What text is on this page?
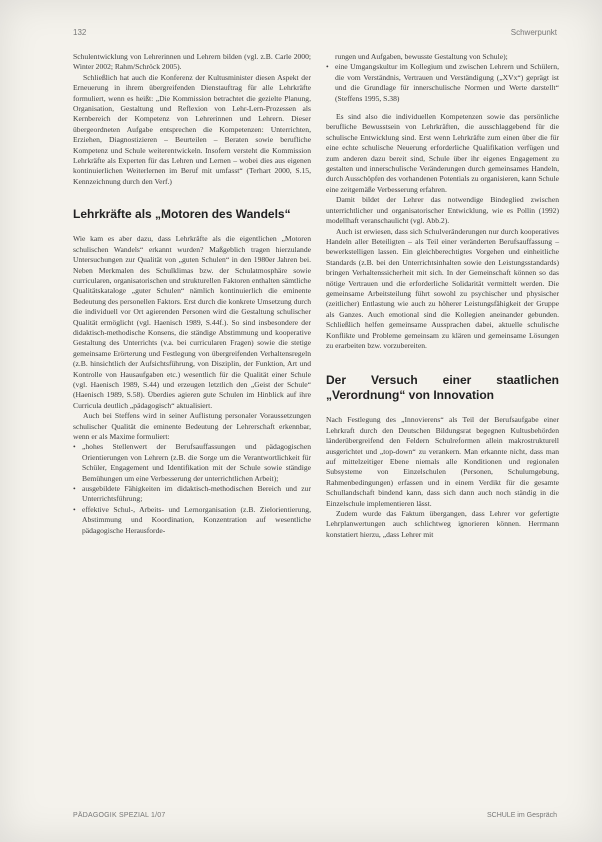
132	Schwerpunkt

Schulentwicklung von Lehrerinnen und Lehrern bilden (vgl. z.B. Carle 2000; Winter 2002; Rahm/Schröck 2005).

Schließlich hat auch die Konferenz der Kultusminister diesen Aspekt der Erneuerung in ihrem übergreifenden Dienstauftrag für alle Lehrkräfte formuliert, wenn es heißt: „Die Kommission betrachtet die gezielte Planung, Organisation, Gestaltung und Reflexion von Lehr-Lern-Prozessen als Kernbereich der Kompetenz von Lehrerinnen und Lehrern. Dieser übergeordneten Aufgabe entsprechen die Kompetenzen: Unterrichten, Erziehen, Diagnostizieren – Beurteilen – Beraten sowie berufliche Kompetenz und Schule weiterentwickeln. Insofern versteht die Kommission Lehrkräfte als Experten für das Lehren und Lernen – wobei dies aus eigenen kontinuierlichen Weiterlernen im Beruf mit umfasst“ (Terhart 2000, S.15, Kennzeichnung durch den Verf.)

Lehrkräfte als „Motoren des Wandels“

Wie kam es aber dazu, dass Lehrkräfte als die eigentlichen „Motoren schulischen Wandels“ erkannt wurden? Maßgeblich tragen hierzulande Untersuchungen zur Qualität von „guten Schulen“ in den 1980er Jahren bei. Neben Merkmalen des Schulklimas bzw. der Schulatmosphäre sowie curricularen, organisatorischen und strukturellen Faktoren enthalten sämtliche Qualitätskataloge „guter Schulen“ nämlich kontinuierlich die eminente Bedeutung des personellen Faktors. Erst durch die konkrete Umsetzung durch die individuell vor Ort agierenden Personen wird die Gestaltung schulischer Qualität ermöglicht (vgl. Haenisch 1989, S.44f.). So sind insbesondere der didaktisch-methodische Konsens, die ständige Abstimmung und kooperative Gestaltung des Unterrichts (v.a. bei curricularen Fragen) sowie die stetige gemeinsame Erörterung und Festlegung von übergreifenden Verhaltensregeln (z.B. hinsichtlich der Aufsichtsführung, von Disziplin, der Funktion, Art und Kontrolle von Hausaufgaben etc.) wesentlich für die Qualität einer Schule (vgl. Haenisch 1989, S.44) und erzeugen letztlich den „Geist der Schule“ (Haenisch 1989, S.58). Überdies agieren gute Schulen im Hinblick auf ihre Curricula deutlich „pädagogisch“ aktualisiert.

Auch bei Steffens wird in seiner Auflistung personaler Voraussetzungen schulischer Qualität die eminente Bedeutung der Lehrerschaft erkennbar, wenn er als Maxime formuliert:

• „hohes Stellenwert der Berufsauffassungen und pädagogischen Orientierungen von Lehrern (z.B. die Sorge um die Verantwortlichkeit für Schüler, Engagement und Identifikation mit der Schule sowie ständige Bemühungen um eine Verbesserung der unterrichtlichen Arbeit);
• ausgebildete Fähigkeiten im didaktisch-methodischen Bereich und zur Unterrichtsführung;
• effektive Schul-, Arbeits- und Lernorganisation (z.B. Zielorientierung, Abstimmung und Koordination, Konzentration auf wesentliche pädagogische Herausforde-

rungen und Aufgaben, bewusste Gestaltung von Schule);

• eine Umgangskultur im Kollegium und zwischen Lehrern und Schülern, die vom Verständnis, Vertrauen und Verständigung („XVx“) geprägt ist und die Grundlage für innerschulische Normen und Werte darstellt“ (Steffens 1995, S.38)

Es sind also die individuellen Kompetenzen sowie das persönliche berufliche Bewusstsein von Lehrkräften, die ausschlaggebend für die schulische Entwicklung sind. Erst wenn Lehrkräfte zum einen über die für eine echte schulische Neuerung erforderliche Qualifikation verfügen und zum anderen dazu bereit sind, Schule über ihr eigenes Engagement zu gestalten und innerschulische Veränderungen durch gemeinsames Handeln, durch Ausschöpfen des vorhandenen Potentials zu organisieren, kann Schule eine zeitgemäße Verbesserung erfahren.

Damit bildet der Lehrer das notwendige Bindeglied zwischen unterrichtlicher und organisatorischer Entwicklung, wie es Pollin (1992) modellhaft veranschaulicht (vgl. Abb.2).

Auch ist erwiesen, dass sich Schulveränderungen nur durch kooperatives Handeln aller Beteiligten – als Teil einer veränderten Berufsauffassung – bewerkstelligen lassen. Ein gleichberechtigtes Vorgehen und einheitliche Standards (z.B. bei den Unterrichtsinhalten sowie den Leistungsstandards) bringen Verhaltenssicherheit mit sich. In der Gemeinschaft können so das nötige Vertrauen und die erforderliche Solidarität vermittelt werden. Die gemeinsame Arbeitsteilung führt sowohl zu psychischer und physischer (zeitlicher) Entlastung wie auch zu höherer Leistungsfähigkeit der Gruppe als Ganzes. Auch emotional sind die Kollegien aneinander gebunden. Schließlich helfen gemeinsame Aussprachen dabei, aktuelle schulische Konflikte und Probleme gemeinsam zu klären und gemeinsame Lösungen zu erarbeiten bzw. vorzubereiten.

Der Versuch einer staatlichen „Verordnung“ von Innovation

Nach Festlegung des „Innovierens“ als Teil der Berufsaufgabe einer Lehrkraft durch den Deutschen Bildungsrat begegnen Kultusbehörden länderübergreifend den Feldern Schulreformen allein makrostrukturell ausgerichtet und „top-down“ zu verankern. Man erkannte nicht, dass man auf mittelzeitiger Ebene niemals alle Konditionen und regionalen Subsysteme von Einzelschulen (Personen, Schulumgebung, Rahmenbedingungen) erfassen und in einem Verdikt für die gesamte Schullandschaft bindend kann, dass sich dann auch noch ständig in die Einzelschule implementieren lässt.

Zudem wurde das Faktum übergangen, dass Lehrer vor gefertigte Lehrplanwertungen auch schlichtweg ignorieren können. Herrmann konstatiert hierzu, „dass Lehrer mit

PÄDAGOGIK SPEZIAL 1/07	SCHULE im Gespräch
